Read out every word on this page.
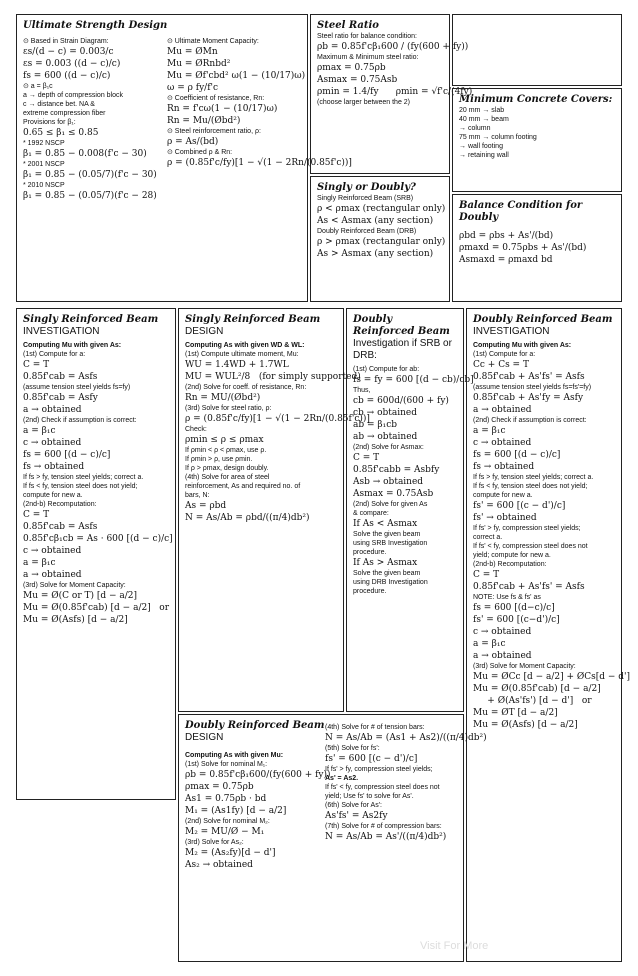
Ultimate Strength Design
⊙ Based in Strain Diagram:
εs/(d − c) = 0.003/c
εs = 0.003 ((d − c)/c)
fs = 600 ((d − c)/c)
⊙ a = β₁c
a → depth of compression block
c → distance bet. NA &
extreme compression fiber
Provisions for β₁:
0.65 ≤ β₁ ≤ 0.85
* 1992 NSCP
β₁ = 0.85 − 0.008(f'c − 30)
* 2001 NSCP
β₁ = 0.85 − (0.05/7)(f'c − 30)
* 2010 NSCP
β₁ = 0.85 − (0.05/7)(f'c − 28)
⊙ Ultimate Moment Capacity:
Mu = ØMn
Mu = ØRnbd²
Mu = Øf'cbd² ω(1 − (10/17)ω)
ω = ρ fy/f'c
⊙ Coefficient of resistance, Rn:
Rn = f'cω(1 − (10/17)ω)
Rn = Mu/(Øbd²)
⊙ Steel reinforcement ratio, ρ:
ρ = As/(bd)
⊙ Combined ρ & Rn:
ρ = (0.85f'c/fy)[1 − √(1 − 2Rn/(0.85f'c))]
Steel Ratio
Steel ratio for balance condition:
ρb = 0.85f'cβ₁600 / (fy(600 + fy))
Maximum & Minimum steel ratio:
ρmax = 0.75ρb
Asmax = 0.75Asb
ρmin = 1.4/fy      ρmin = √f'c/(4fy)
(choose larger between the 2)
Singly or Doubly?
Singly Reinforced Beam (SRB)
ρ < ρmax (rectangular only)
As < Asmax (any section)
Doubly Reinforced Beam (DRB)
ρ > ρmax (rectangular only)
As > Asmax (any section)
Minimum Concrete Covers:
20 mm → slab
40 mm → beam
→ column
75 mm → column footing
→ wall footing
→ retaining wall
Balance Condition for Doubly
ρbd = ρbs + As'/(bd)
ρmaxd = 0.75ρbs + As'/(bd)
Asmaxd = ρmaxd bd
Singly Reinforced Beam
INVESTIGATION
Computing Mu with given As:
(1st) Compute for a:
C = T
0.85f'cab = Asfs
(assume tension steel yields fs=fy)
0.85f'cab = Asfy
a → obtained
(2nd) Check if assumption is correct:
a = β₁c
c → obtained
fs = 600 [(d − c)/c]
fs → obtained
If fs > fy, tension steel yields; correct a.
If fs < fy, tension steel does not yield;
compute for new a.
(2nd-b) Recomputation:
C = T
0.85f'cab = Asfs
0.85f'cβ₁cb = As · 600 [(d − c)/c]
c → obtained
a = β₁c
a → obtained
(3rd) Solve for Moment Capacity:
Mu = Ø(C or T) [d − a/2]
Mu = Ø(0.85f'cab) [d − a/2]   or
Mu = Ø(Asfs) [d − a/2]
Singly Reinforced Beam
DESIGN
Computing As with given WD & WL:
(1st) Compute ultimate moment, Mu:
WU = 1.4WD + 1.7WL
MU = WUL²/8   (for simply supported)
(2nd) Solve for coeff. of resistance, Rn:
Rn = MU/(Øbd²)
(3rd) Solve for steel ratio, ρ:
ρ = (0.85f'c/fy)[1 − √(1 − 2Rn/(0.85f'c))]
Check:
ρmin ≤ ρ ≤ ρmax
If ρmin < ρ < ρmax, use ρ.
If ρmin > ρ, use ρmin.
If ρ > ρmax, design doubly.
(4th) Solve for area of steel
reinforcement, As and required no. of
bars, N:
As = ρbd
N = As/Ab = ρbd/((π/4)db²)
Doubly Reinforced Beam
Investigation if SRB or DRB:
(1st) Compute for ab:
fs = fy = 600 [(d − cb)/cb]
Thus,
cb = 600d/(600 + fy)
cb → obtained
ab = β₁cb
ab → obtained
(2nd) Solve for Asmax:
C = T
0.85f'cabb = Asbfy
Asb → obtained
Asmax = 0.75Asb
(2nd) Solve for given As
& compare:
If As < Asmax
Solve the given beam
using SRB Investigation
procedure.
If As > Asmax
Solve the given beam
using DRB Investigation
procedure.
Doubly Reinforced Beam
INVESTIGATION
Computing Mu with given As:
(1st) Compute for a:
Cc + Cs = T
0.85f'cab + As'fs' = Asfs
(assume tension steel yields fs=fs'=fy)
0.85f'cab + As'fy = Asfy
a → obtained
(2nd) Check if assumption is correct:
a = β₁c
c → obtained
fs = 600 [(d − c)/c]
fs → obtained
If fs > fy, tension steel yields; correct a.
If fs < fy, tension steel does not yield;
compute for new a.
fs' = 600 [(c − d')/c]
fs' → obtained
If fs' > fy, compression steel yields;
correct a.
If fs' < fy, compression steel does not
yield; compute for new a.
(2nd-b) Recomputation:
C = T
0.85f'cab + As'fs' = Asfs
NOTE: Use fs & fs' as
fs = 600 [(d−c)/c]
fs' = 600 [(c−d')/c]
c → obtained
a = β₁c
a → obtained
(3rd) Solve for Moment Capacity:
Mu = ØCc [d − a/2] + ØCs[d − d']
Mu = Ø(0.85f'cab) [d − a/2]
+ Ø(As'fs') [d − d']   or
Mu = ØT [d − a/2]
Mu = Ø(Asfs) [d − a/2]
Doubly Reinforced Beam
DESIGN
Computing As with given Mu:
(1st) Solve for nominal M₁:
ρb = 0.85f'cβ₁600/(fy(600 + fy))
ρmax = 0.75ρb
As1 = 0.75ρb · bd
M₁ = (As1fy) [d − a/2]
(2nd) Solve for nominal M₂:
M₂ = MU/Ø − M₁
(3rd) Solve for As₂:
M₂ = (As₂fy)[d − d']
As₂ → obtained
(4th) Solve for # of tension bars:
N = As/Ab = (As1 + As2)/((π/4)db²)
(5th) Solve for fs':
fs' = 600 [(c − d')/c]
If fs' > fy, compression steel yields;
As' = As2.
If fs' < fy, compression steel does not
yield; Use fs' to solve for As'.
(6th) Solve for As':
As'fs' = As2fy
(7th) Solve for # of compression bars:
N = As/Ab = As'/((π/4)db²)
Visit For More
